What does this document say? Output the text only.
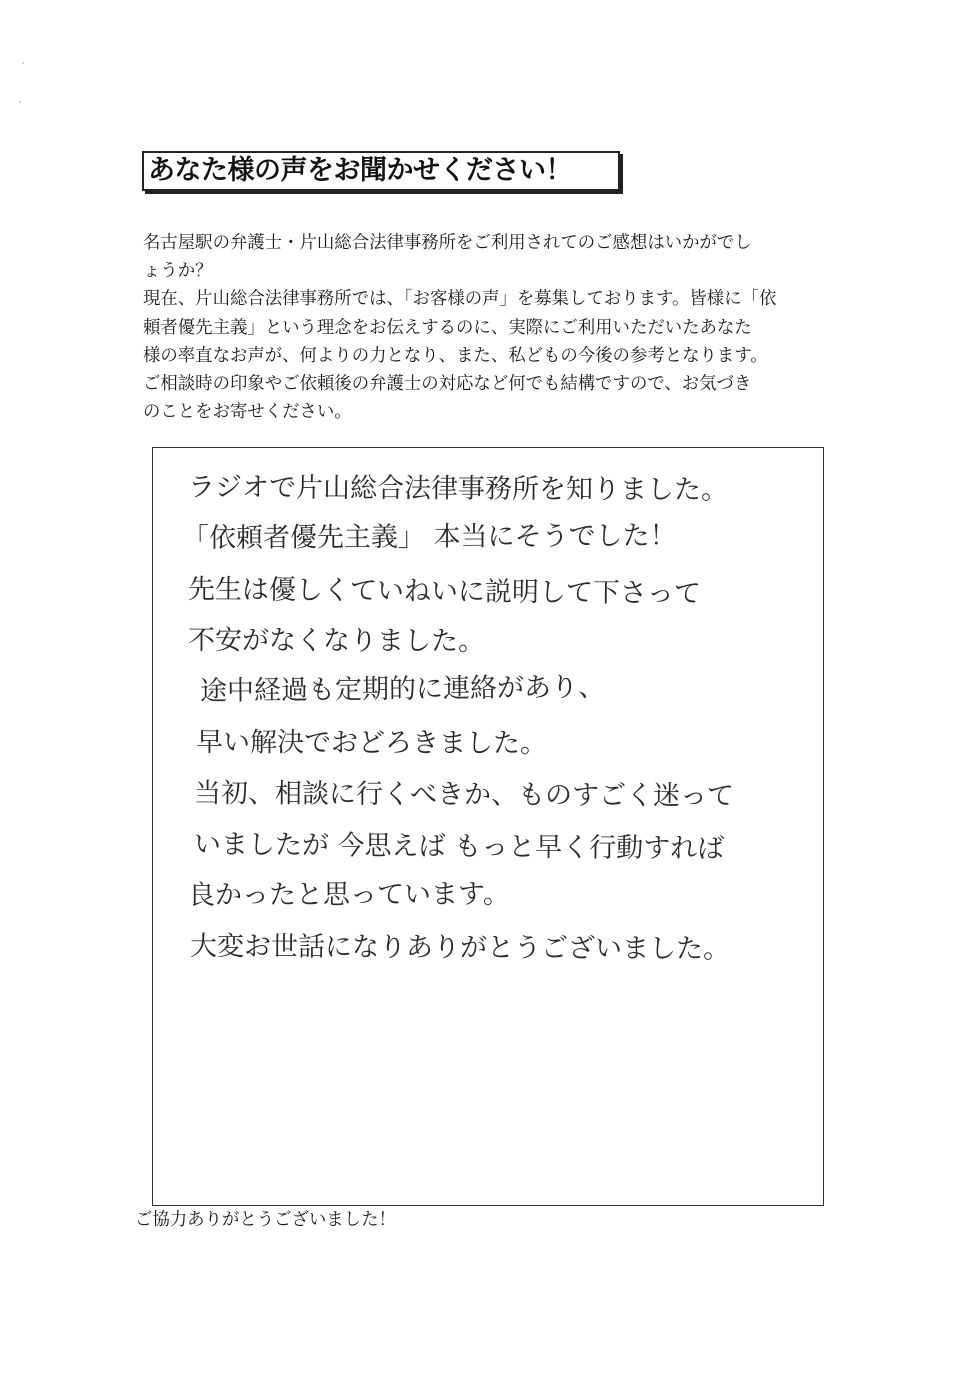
あなた様の声をお聞かせください！
名古屋駅の弁護士・片山総合法律事務所をご利用されてのご感想はいかがでし
ょうか？
現在、片山総合法律事務所では、「お客様の声」を募集しております。皆様に「依
頼者優先主義」という理念をお伝えするのに、実際にご利用いただいたあなた
様の率直なお声が、何よりの力となり、また、私どもの今後の参考となります。
ご相談時の印象やご依頼後の弁護士の対応など何でも結構ですので、お気づき
のことをお寄せください。
ラジオで片山総合法律事務所を知りました。
「依頼者優先主義」 本当にそうでした！
先生は優しくていねいに説明して下さって
不安がなくなりました。
途中経過も定期的に連絡があり、
早い解決でおどろきました。
当初、相談に行くべきか、ものすごく迷って
いましたが 今思えば もっと早く行動すれば
良かったと思っています。
大変お世話になりありがとうございました。
ご協力ありがとうございました！
